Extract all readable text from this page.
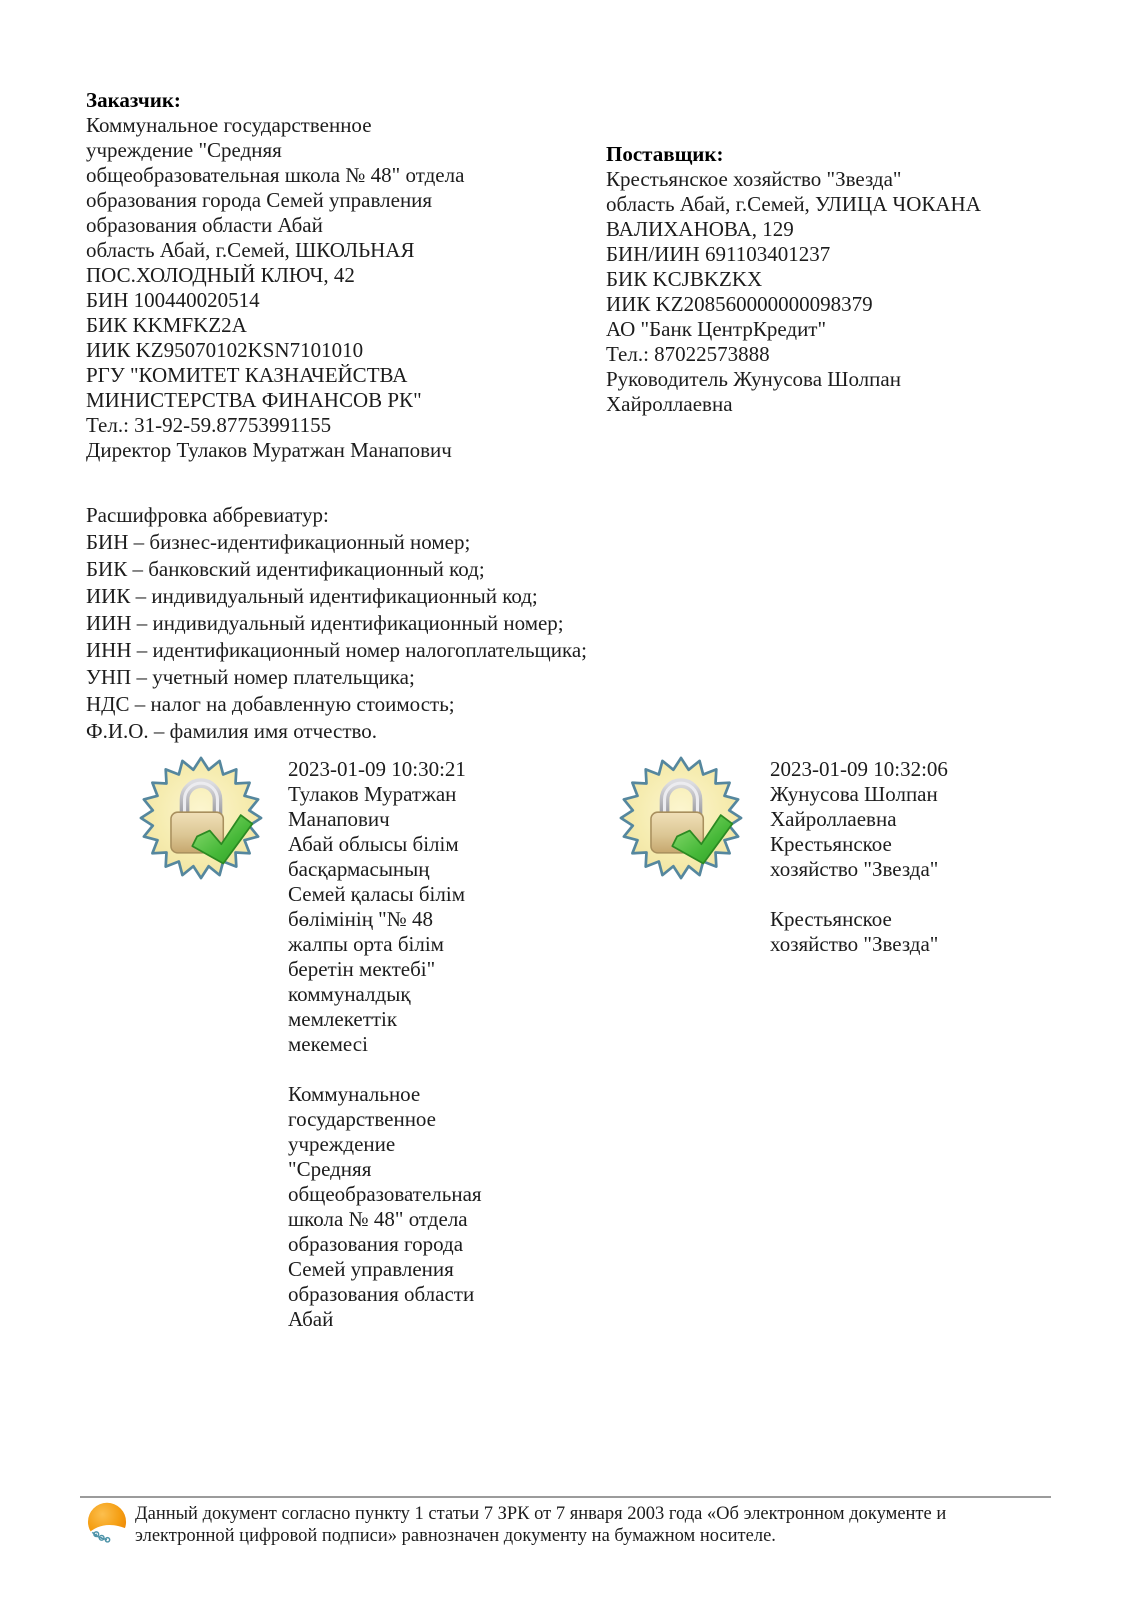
Заказчик:
Коммунальное государственное
учреждение "Средняя
общеобразовательная школа № 48" отдела
образования города Семей управления
образования области Абай
область Абай, г.Семей, ШКОЛЬНАЯ
ПОС.ХОЛОДНЫЙ КЛЮЧ, 42
БИН 100440020514
БИК KKMFKZ2A
ИИК KZ95070102KSN7101010
РГУ "КОМИТЕТ КАЗНАЧЕЙСТВА
МИНИСТЕРСТВА ФИНАНСОВ РК"
Тел.: 31-92-59.87753991155
Директор Тулаков Муратжан Манапович
Поставщик:
Крестьянское хозяйство "Звезда"
область Абай, г.Семей, УЛИЦА ЧОКАНА
ВАЛИХАНОВА, 129
БИН/ИИН 691103401237
БИК KCJBKZKX
ИИК KZ208560000000098379
АО "Банк ЦентрКредит"
Тел.: 87022573888
Руководитель Жунусова Шолпан
Хайроллаевна
Расшифровка аббревиатур:
БИН – бизнес-идентификационный номер;
БИК – банковский идентификационный код;
ИИК – индивидуальный идентификационный код;
ИИН – индивидуальный идентификационный номер;
ИНН – идентификационный номер налогоплательщика;
УНП – учетный номер плательщика;
НДС – налог на добавленную стоимость;
Ф.И.О. – фамилия имя отчество.
2023-01-09 10:30:21
Тулаков Муратжан
Манапович
Абай облысы білім
басқармасының
Семей қаласы білім
бөлімінің "№ 48
жалпы орта білім
беретін мектебі"
коммуналдық
мемлекеттік
мекемесі

Коммунальное
государственное
учреждение
"Средняя
общеобразовательная
школа № 48" отдела
образования города
Семей управления
образования области
Абай
2023-01-09 10:32:06
Жунусова Шолпан
Хайроллаевна
Крестьянское
хозяйство "Звезда"

Крестьянское
хозяйство "Звезда"
Данный документ согласно пункту 1 статьи 7 ЗРК от 7 января 2003 года «Об электронном документе и
электронной цифровой подписи» равнозначен документу на бумажном носителе.
